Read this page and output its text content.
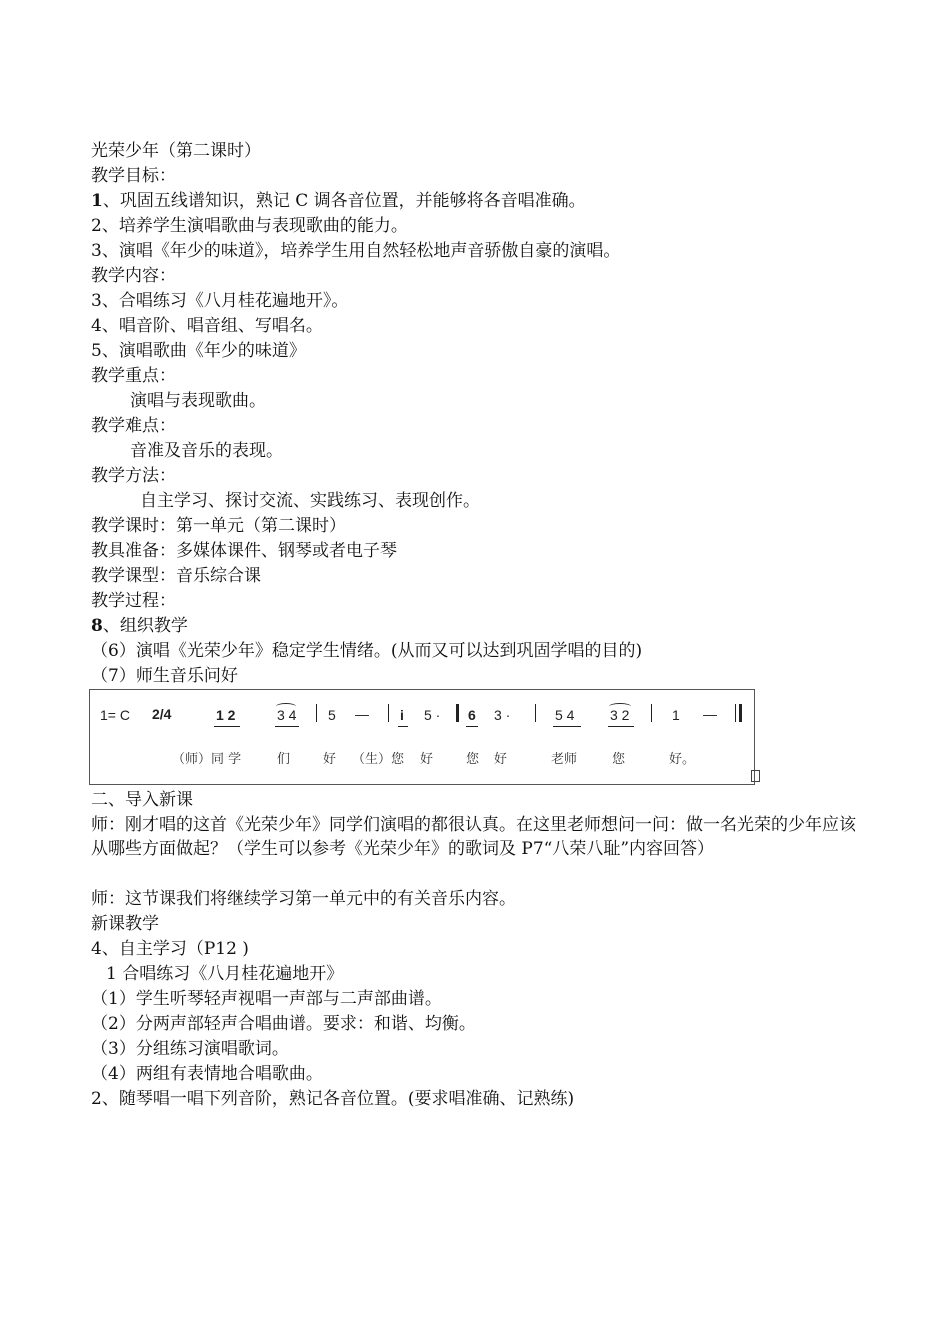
光荣少年（第二课时）
教学目标：
1、巩固五线谱知识，熟记 C 调各音位置，并能够将各音唱准确。
2、培养学生演唱歌曲与表现歌曲的能力。
3、演唱《年少的味道》，培养学生用自然轻松地声音骄傲自豪的演唱。
教学内容：
3、合唱练习《八月桂花遍地开》。
4、唱音阶、唱音组、写唱名。
5、演唱歌曲《年少的味道》
教学重点：
演唱与表现歌曲。
教学难点：
音准及音乐的表现。
教学方法：
自主学习、探讨交流、实践练习、表现创作。
教学课时：第一单元（第二课时）
教具准备：多媒体课件、钢琴或者电子琴
教学课型：音乐综合课
教学过程：
8、组织教学
（6）演唱《光荣少年》稳定学生情绪。(从而又可以达到巩固学唱的目的)
（7）师生音乐问好
1= C 2/4	1 2	3 4 5 — i 5 · 6 3 ·	5 4	3 2	1 —
（师）同 学	们	好 （生）您 好	您 好	老师	您	好。
二、导入新课
师：刚才唱的这首《光荣少年》同学们演唱的都很认真。在这里老师想问一问：做一名光荣的少年应该从哪些方面做起？（学生可以参考《光荣少年》的歌词及 P7“八荣八耻”内容回答）
师：这节课我们将继续学习第一单元中的有关音乐内容。
新课教学
4、自主学习（P12 )
1 合唱练习《八月桂花遍地开》
（1）学生听琴轻声视唱一声部与二声部曲谱。
（2）分两声部轻声合唱曲谱。要求：和谐、均衡。
（3）分组练习演唱歌词。
（4）两组有表情地合唱歌曲。
2、随琴唱一唱下列音阶，熟记各音位置。(要求唱准确、记熟练)
